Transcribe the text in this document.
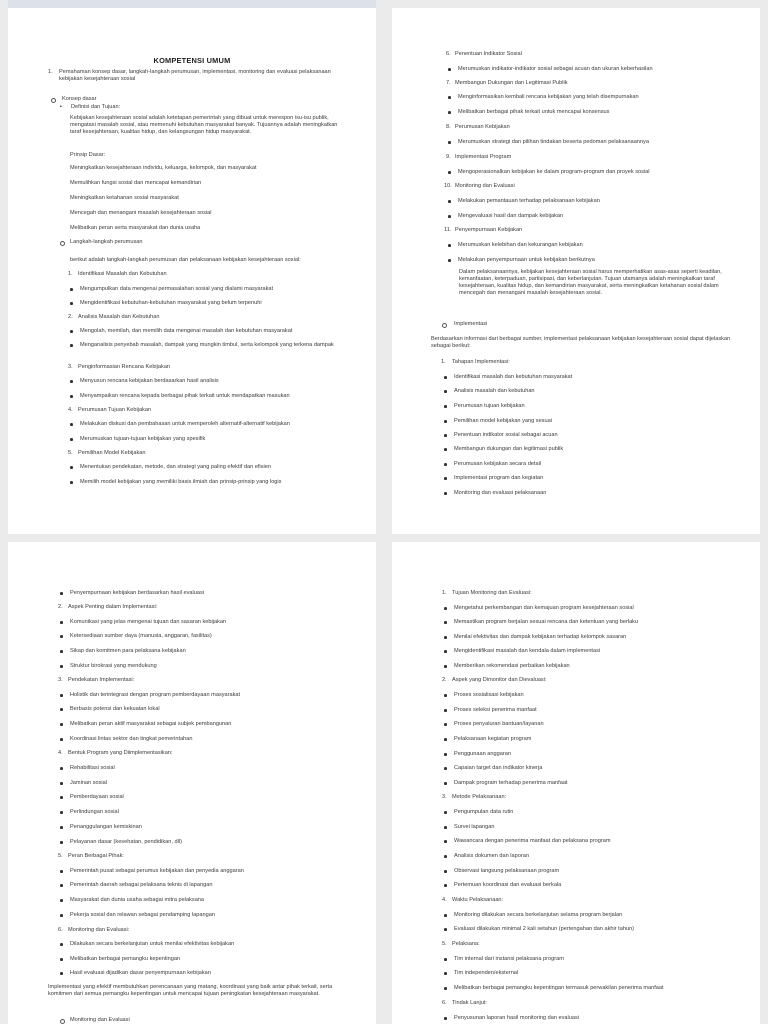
KOMPETENSI UMUM
1. Pemahaman konsep dasar, langkah-langkah perumusan, implementasi, monitoring dan evaluasi pelaksanaan kebijakan kesejahteraan sosial
Konsep dasar
▪ Definisi dan Tujuan:
Kebijakan kesejahteraan sosial adalah ketetapan pemerintah yang dibuat untuk merespon isu-isu publik, mengatasi masalah sosial, atau memenuhi kebutuhan masyarakat banyak. Tujuannya adalah meningkatkan taraf kesejahteraan, kualitas hidup, dan kelangsungan hidup masyarakat.
Prinsip Dasar:
Meningkatkan kesejahteraan individu, keluarga, kelompok, dan masyarakat
Memulihkan fungsi sosial dan mencapai kemandirian
Meningkatkan ketahanan sosial masyarakat
Mencegah dan menangani masalah kesejahteraan sosial
Melibatkan peran serta masyarakat dan dunia usaha
Langkah-langkah perumusan
berikut adalah langkah-langkah perumusan dan pelaksanaan kebijakan kesejahteraan sosial:
1. Identifikasi Masalah dan Kebutuhan
Mengumpulkan data mengenai permasalahan sosial yang dialami masyarakat
Mengidentifikasi kebutuhan-kebutuhan masyarakat yang belum terpenuhi
2. Analisis Masalah dan Kebutuhan
Mengolah, memilah, dan memilih data mengenai masalah dan kebutuhan masyarakat
Menganalisis penyebab masalah, dampak yang mungkin timbul, serta kelompok yang terkena dampak
3. Penginformasian Rencana Kebijakan
Menyusun rencana kebijakan berdasarkan hasil analisis
Menyampaikan rencana kepada berbagai pihak terkait untuk mendapatkan masukan
4. Perumusan Tujuan Kebijakan
Melakukan diskusi dan pembahasan untuk memperoleh alternatif-alternatif kebijakan
Merumuskan tujuan-tujuan kebijakan yang spesifik
5. Pemilihan Model Kebijakan
Menentukan pendekatan, metode, dan strategi yang paling efektif dan efisien
Memilih model kebijakan yang memiliki basis ilmiah dan prinsip-prinsip yang logis
6. Penentuan Indikator Sosial
Merumuskan indikator-indikator sosial sebagai acuan dan ukuran keberhasilan
7. Membangun Dukungan dan Legitimasi Publik
Menginformasikan kembali rencana kebijakan yang telah disempurnakan
Melibatkan berbagai pihak terkait untuk mencapai konsensus
8. Perumusan Kebijakan
Merumuskan strategi dan pilihan tindakan beserta pedoman pelaksanaannya
9. Implementasi Program
Mengoperasionalkan kebijakan ke dalam program-program dan proyek sosial
10. Monitoring dan Evaluasi
Melakukan pemantauan terhadap pelaksanaan kebijakan
Mengevaluasi hasil dan dampak kebijakan
11. Penyempurnaan Kebijakan
Merumuskan kelebihan dan kekurangan kebijakan
Melakukan penyempurnaan untuk kebijakan berikutnya
Dalam pelaksanaannya, kebijakan kesejahteraan sosial harus memperhatikan asas-asas seperti keadilan, kemanfaatan, keterpaduan, partisipasi, dan keberlanjutan. Tujuan utamanya adalah meningkatkan taraf kesejahteraan, kualitas hidup, dan kemandirian masyarakat, serta meningkatkan ketahanan sosial dalam mencegah dan menangani masalah kesejahteraan sosial.
Implementasi
Berdasarkan informasi dari berbagai sumber, implementasi pelaksanaan kebijakan kesejahteraan sosial dapat dijelaskan sebagai berikut:
1. Tahapan Implementasi:
Identifikasi masalah dan kebutuhan masyarakat
Analisis masalah dan kebutuhan
Perumusan tujuan kebijakan
Pemilihan model kebijakan yang sesuai
Penentuan indikator sosial sebagai acuan
Membangun dukungan dan legitimasi publik
Perumusan kebijakan secara detail
Implementasi program dan kegiatan
Monitoring dan evaluasi pelaksanaan
Penyempurnaan kebijakan berdasarkan hasil evaluasi
2. Aspek Penting dalam Implementasi:
Komunikasi yang jelas mengenai tujuan dan sasaran kebijakan
Ketersediaan sumber daya (manusia, anggaran, fasilitas)
Sikap dan komitmen para pelaksana kebijakan
Struktur birokrasi yang mendukung
3. Pendekatan Implementasi:
Holistik dan terintegrasi dengan program pemberdayaan masyarakat
Berbasis potensi dan kekuatan lokal
Melibatkan peran aktif masyarakat sebagai subjek pembangunan
Koordinasi lintas sektor dan tingkat pemerintahan
4. Bentuk Program yang Diimplementasikan:
Rehabilitasi sosial
Jaminan sosial
Pemberdayaan sosial
Perlindungan sosial
Penanggulangan kemiskinan
Pelayanan dasar (kesehatan, pendidikan, dll)
5. Peran Berbagai Pihak:
Pemerintah pusat sebagai perumus kebijakan dan penyedia anggaran
Pemerintah daerah sebagai pelaksana teknis di lapangan
Masyarakat dan dunia usaha sebagai mitra pelaksana
Pekerja sosial dan relawan sebagai pendamping lapangan
6. Monitoring dan Evaluasi:
Dilakukan secara berkelanjutan untuk menilai efektivitas kebijakan
Melibatkan berbagai pemangku kepentingan
Hasil evaluasi dijadikan dasar penyempurnaan kebijakan
Implementasi yang efektif membutuhkan perencanaan yang matang, koordinasi yang baik antar pihak terkait, serta komitmen dari semua pemangku kepentingan untuk mencapai tujuan peningkatan kesejahteraan masyarakat.
Monitoring dan Evaluasi
1. Tujuan Monitoring dan Evaluasi:
Mengetahui perkembangan dan kemajuan program kesejahteraan sosial
Memastikan program berjalan sesuai rencana dan ketentuan yang berlaku
Menilai efektivitas dan dampak kebijakan terhadap kelompok sasaran
Mengidentifikasi masalah dan kendala dalam implementasi
Memberikan rekomendasi perbaikan kebijakan
2. Aspek yang Dimonitor dan Dievaluasi:
Proses sosialisasi kebijakan
Proses seleksi penerima manfaat
Proses penyaluran bantuan/layanan
Pelaksanaan kegiatan program
Penggunaan anggaran
Capaian target dan indikator kinerja
Dampak program terhadap penerima manfaat
3. Metode Pelaksanaan:
Pengumpulan data rutin
Survei lapangan
Wawancara dengan penerima manfaat dan pelaksana program
Analisis dokumen dan laporan
Observasi langsung pelaksanaan program
Pertemuan koordinasi dan evaluasi berkala
4. Waktu Pelaksanaan:
Monitoring dilakukan secara berkelanjutan selama program berjalan
Evaluasi dilakukan minimal 2 kali setahun (pertengahan dan akhir tahun)
5. Pelaksana:
Tim internal dari instansi pelaksana program
Tim independen/eksternal
Melibatkan berbagai pemangku kepentingan termasuk perwakilan penerima manfaat
6. Tindak Lanjut:
Penyusunan laporan hasil monitoring dan evaluasi
